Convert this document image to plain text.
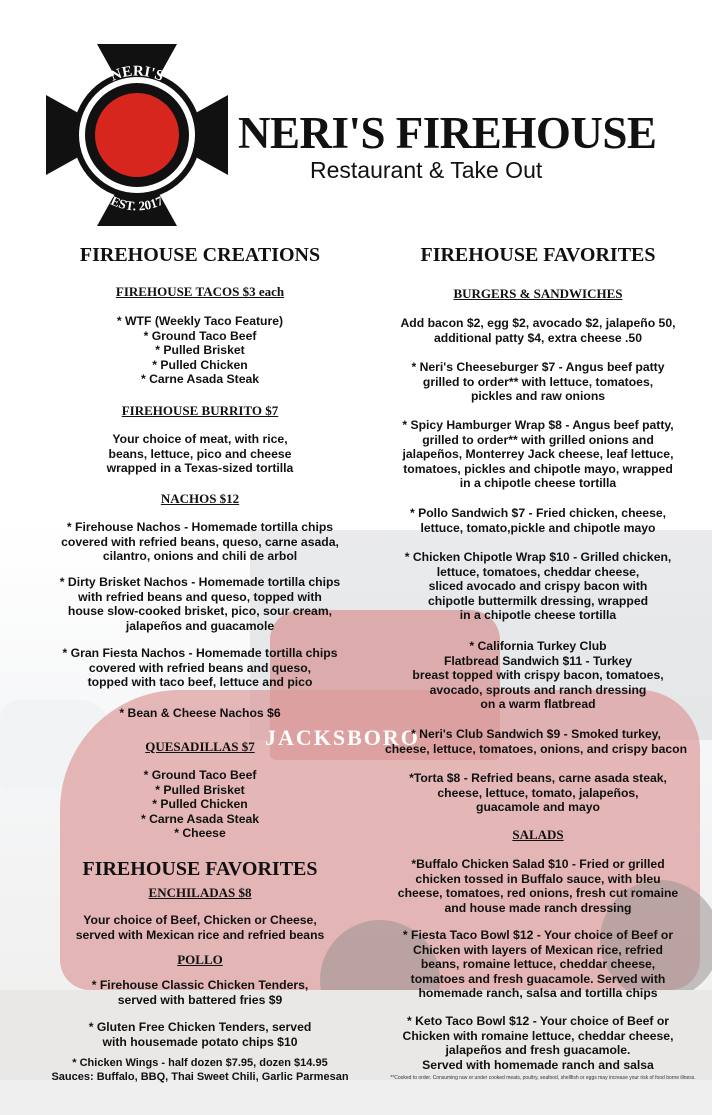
JACKSBORO
NERI'S
EST. 2017
NERI'S FIREHOUSE
Restaurant & Take Out
FIREHOUSE CREATIONS
FIREHOUSE TACOS $3 each
* WTF (Weekly Taco Feature)
* Ground Taco Beef
* Pulled Brisket
* Pulled Chicken
* Carne Asada Steak
FIREHOUSE BURRITO $7
Your choice of meat, with rice,
beans, lettuce, pico and cheese
wrapped in a Texas-sized tortilla
NACHOS $12
* Firehouse Nachos - Homemade tortilla chips
covered with refried beans, queso, carne asada,
cilantro, onions and chili de arbol
* Dirty Brisket Nachos - Homemade tortilla chips
with refried beans and queso, topped with
house slow-cooked brisket, pico, sour cream,
jalapeños and guacamole
* Gran Fiesta Nachos - Homemade tortilla chips
covered with refried beans and queso,
topped with taco beef, lettuce and pico
* Bean & Cheese Nachos $6
QUESADILLAS $7
* Ground Taco Beef
* Pulled Brisket
* Pulled Chicken
* Carne Asada Steak
* Cheese
FIREHOUSE FAVORITES
ENCHILADAS $8
Your choice of Beef, Chicken or Cheese,
served with Mexican rice and refried beans
POLLO
* Firehouse Classic Chicken Tenders,
served with battered fries $9
* Gluten Free Chicken Tenders, served
with housemade potato chips $10
* Chicken Wings - half dozen $7.95, dozen $14.95
Sauces: Buffalo, BBQ, Thai Sweet Chili, Garlic Parmesan
FIREHOUSE FAVORITES
BURGERS & SANDWICHES
Add bacon $2, egg $2, avocado $2, jalapeño 50,
additional patty $4, extra cheese .50
* Neri's Cheeseburger $7 - Angus beef patty
grilled to order** with lettuce, tomatoes,
pickles and raw onions
* Spicy Hamburger Wrap $8 - Angus beef patty,
grilled to order** with grilled onions and
jalapeños, Monterrey Jack cheese, leaf lettuce,
tomatoes, pickles and chipotle mayo, wrapped
in a chipotle cheese tortilla
* Pollo Sandwich $7 - Fried chicken, cheese,
lettuce, tomato,pickle and chipotle mayo
* Chicken Chipotle Wrap $10 - Grilled chicken,
lettuce, tomatoes, cheddar cheese,
sliced avocado and crispy bacon with
chipotle buttermilk dressing, wrapped
in a chipotle cheese tortilla
* California Turkey Club
Flatbread Sandwich $11 - Turkey
breast topped with crispy bacon, tomatoes,
avocado, sprouts and ranch dressing
on a warm flatbread
* Neri's Club Sandwich $9 - Smoked turkey,
cheese, lettuce, tomatoes, onions, and crispy bacon
*Torta $8 - Refried beans, carne asada steak,
cheese, lettuce, tomato, jalapeños,
guacamole and mayo
SALADS
*Buffalo Chicken Salad $10 - Fried or grilled
chicken tossed in Buffalo sauce, with bleu
cheese, tomatoes, red onions, fresh cut romaine
and house made ranch dressing
* Fiesta Taco Bowl $12 - Your choice of Beef or
Chicken with layers of Mexican rice, refried
beans, romaine lettuce, cheddar cheese,
tomatoes and fresh guacamole. Served with
homemade ranch, salsa and tortilla chips
* Keto Taco Bowl $12 - Your choice of Beef or
Chicken with romaine lettuce, cheddar cheese,
jalapeños and fresh guacamole.
Served with homemade ranch and salsa
**Cooked to order. Consuming raw or under cooked meats, poultry, seafood, shellfish or eggs may increase your risk of food borne illness.
